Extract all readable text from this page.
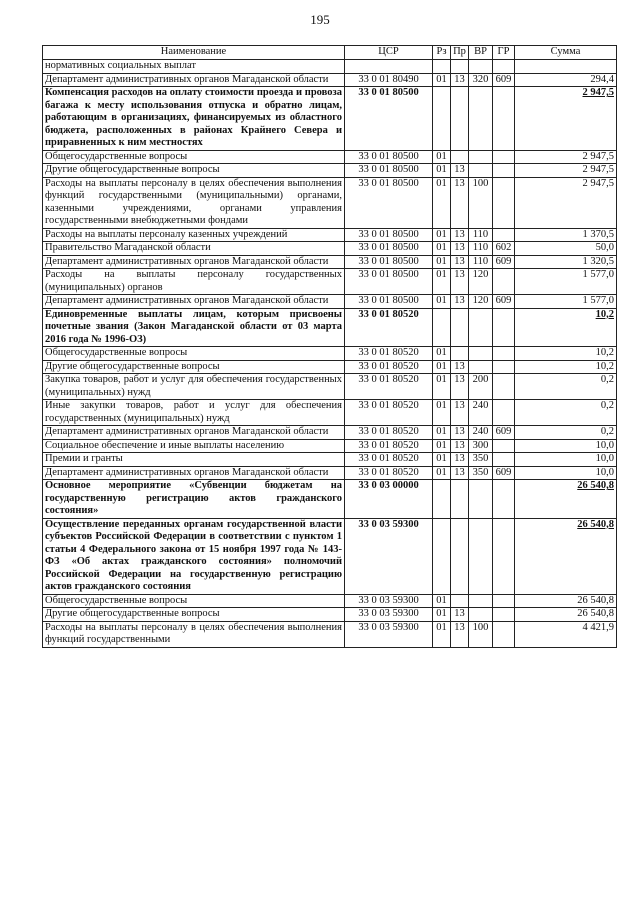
195
Наименование	ЦСР	Рз	Пр	ВР	ГР	Сумма
нормативных социальных выплат						
Департамент административных органов Магаданской области	33 0 01 80490	01	13	320	609	294,4
Компенсация расходов на оплату стоимости проезда и провоза багажа к месту использования отпуска и обратно лицам, работающим в организациях, финансируемых из областного бюджета, расположенных в районах Крайнего Севера и приравненных к ним местностях	33 0 01 80500					2 947,5
Общегосударственные вопросы	33 0 01 80500	01				2 947,5
Другие общегосударственные вопросы	33 0 01 80500	01	13			2 947,5
Расходы на выплаты персоналу в целях обеспечения выполнения функций государственными (муниципальными) органами, казенными учреждениями, органами управления государственными внебюджетными фондами	33 0 01 80500	01	13	100		2 947,5
Расходы на выплаты персоналу казенных учреждений	33 0 01 80500	01	13	110		1 370,5
Правительство Магаданской области	33 0 01 80500	01	13	110	602	50,0
Департамент административных органов Магаданской области	33 0 01 80500	01	13	110	609	1 320,5
Расходы на выплаты персоналу государственных (муниципальных) органов	33 0 01 80500	01	13	120		1 577,0
Департамент административных органов Магаданской области	33 0 01 80500	01	13	120	609	1 577,0
Единовременные выплаты лицам, которым присвоены почетные звания (Закон Магаданской области от 03 марта 2016 года № 1996-ОЗ)	33 0 01 80520					10,2
Общегосударственные вопросы	33 0 01 80520	01				10,2
Другие общегосударственные вопросы	33 0 01 80520	01	13			10,2
Закупка товаров, работ и услуг для обеспечения государственных (муниципальных) нужд	33 0 01 80520	01	13	200		0,2
Иные закупки товаров, работ и услуг для обеспечения государственных (муниципальных) нужд	33 0 01 80520	01	13	240		0,2
Департамент административных органов Магаданской области	33 0 01 80520	01	13	240	609	0,2
Социальное обеспечение и иные выплаты населению	33 0 01 80520	01	13	300		10,0
Премии и гранты	33 0 01 80520	01	13	350		10,0
Департамент административных органов Магаданской области	33 0 01 80520	01	13	350	609	10,0
Основное мероприятие «Субвенции бюджетам на государственную регистрацию актов гражданского состояния»	33 0 03 00000					26 540,8
Осуществление переданных органам государственной власти субъектов Российской Федерации в соответствии с пунктом 1 статьи 4 Федерального закона от 15 ноября 1997 года № 143-ФЗ «Об актах гражданского состояния» полномочий Российской Федерации на государственную регистрацию актов гражданского состояния	33 0 03 59300					26 540,8
Общегосударственные вопросы	33 0 03 59300	01				26 540,8
Другие общегосударственные вопросы	33 0 03 59300	01	13			26 540,8
Расходы на выплаты персоналу в целях обеспечения выполнения функций государственными	33 0 03 59300	01	13	100		4 421,9
